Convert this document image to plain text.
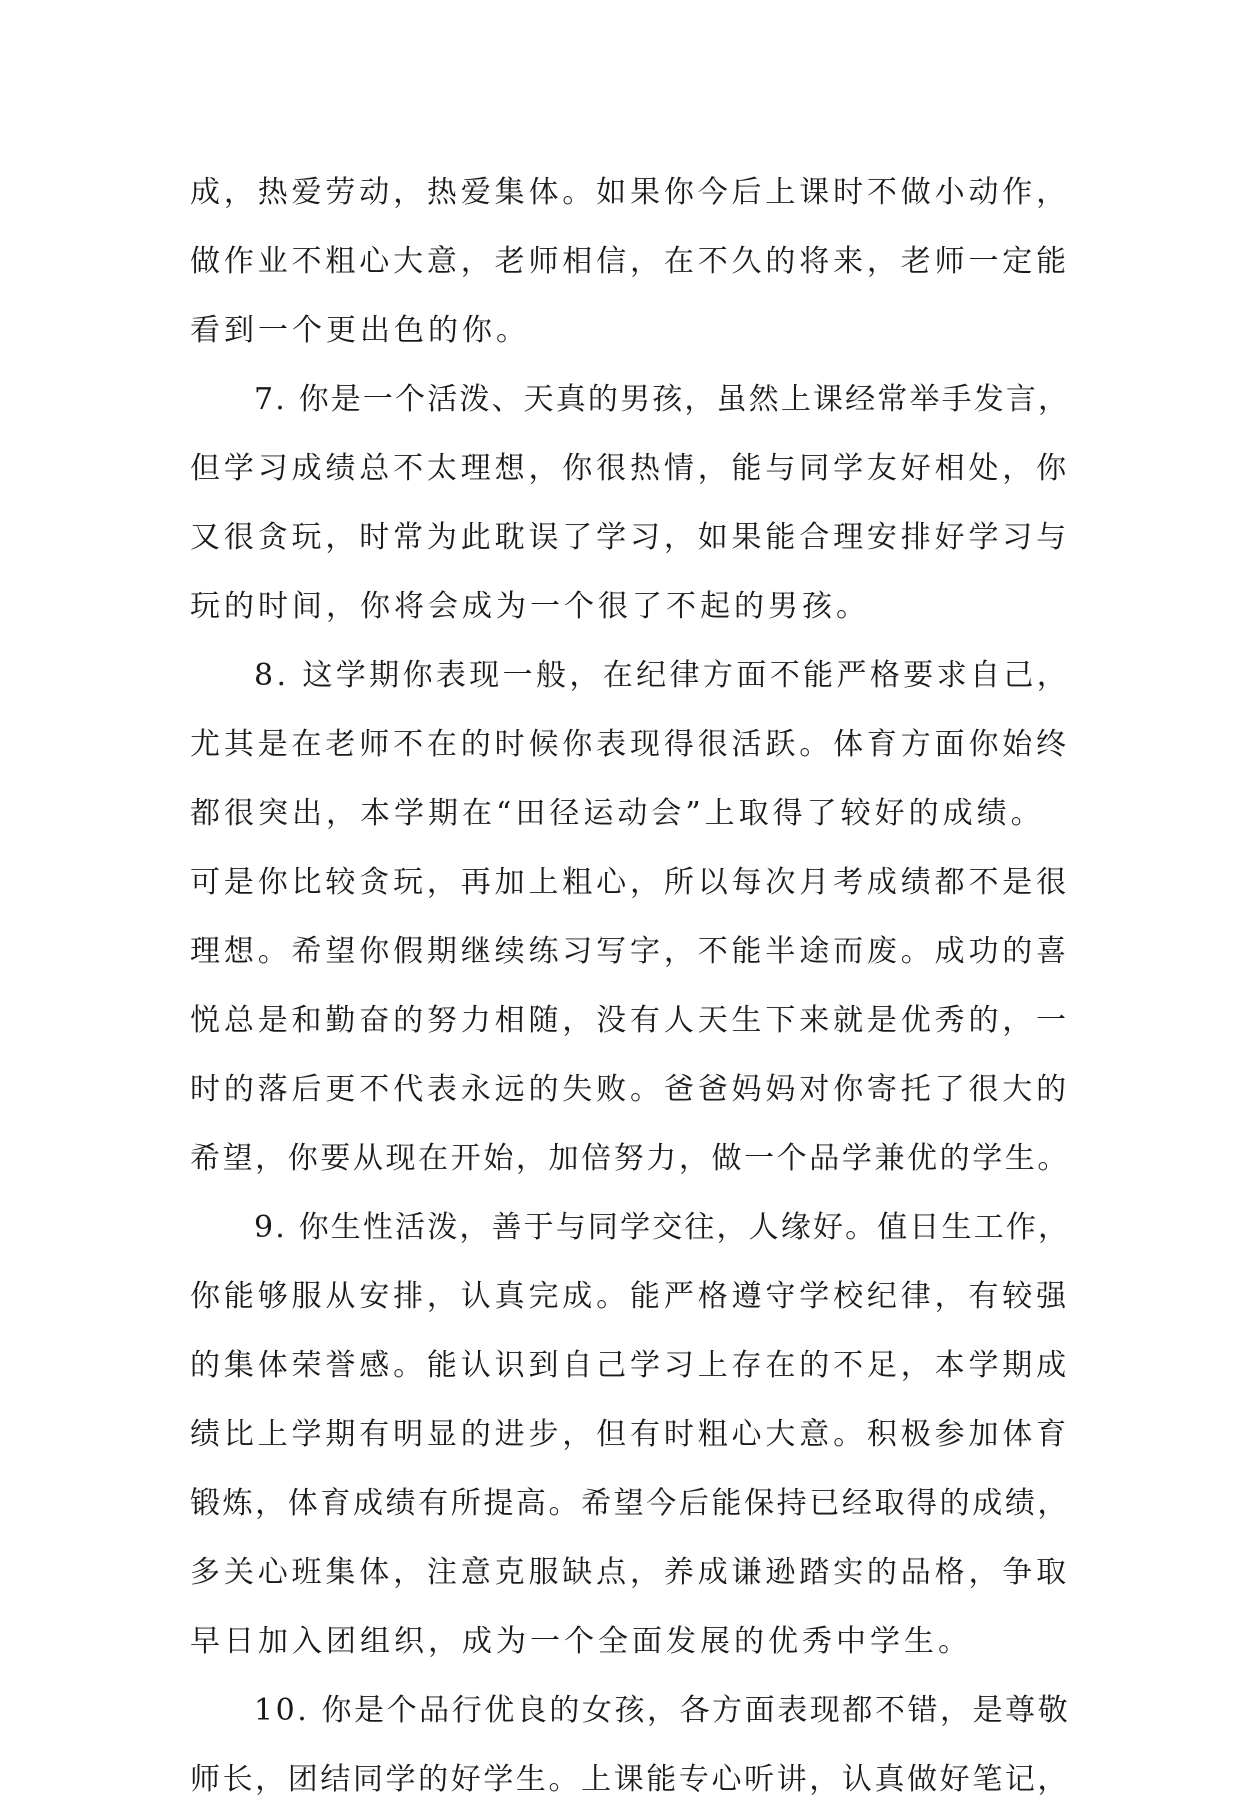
成，热爱劳动，热爱集体。如果你今后上课时不做小动作，
做作业不粗心大意，老师相信，在不久的将来，老师一定能
看到一个更出色的你。
7. 你是一个活泼、天真的男孩，虽然上课经常举手发言，
但学习成绩总不太理想，你很热情，能与同学友好相处，你
又很贪玩，时常为此耽误了学习，如果能合理安排好学习与
玩的时间，你将会成为一个很了不起的男孩。
8. 这学期你表现一般，在纪律方面不能严格要求自己，
尤其是在老师不在的时候你表现得很活跃。体育方面你始终
都很突出，本学期在“田径运动会”上取得了较好的成绩。
可是你比较贪玩，再加上粗心，所以每次月考成绩都不是很
理想。希望你假期继续练习写字，不能半途而废。成功的喜
悦总是和勤奋的努力相随，没有人天生下来就是优秀的，一
时的落后更不代表永远的失败。爸爸妈妈对你寄托了很大的
希望，你要从现在开始，加倍努力，做一个品学兼优的学生。
9. 你生性活泼，善于与同学交往，人缘好。值日生工作，
你能够服从安排，认真完成。能严格遵守学校纪律，有较强
的集体荣誉感。能认识到自己学习上存在的不足，本学期成
绩比上学期有明显的进步，但有时粗心大意。积极参加体育
锻炼，体育成绩有所提高。希望今后能保持已经取得的成绩，
多关心班集体，注意克服缺点，养成谦逊踏实的品格，争取
早日加入团组织，成为一个全面发展的优秀中学生。
10. 你是个品行优良的女孩，各方面表现都不错，是尊敬
师长，团结同学的好学生。上课能专心听讲，认真做好笔记，
